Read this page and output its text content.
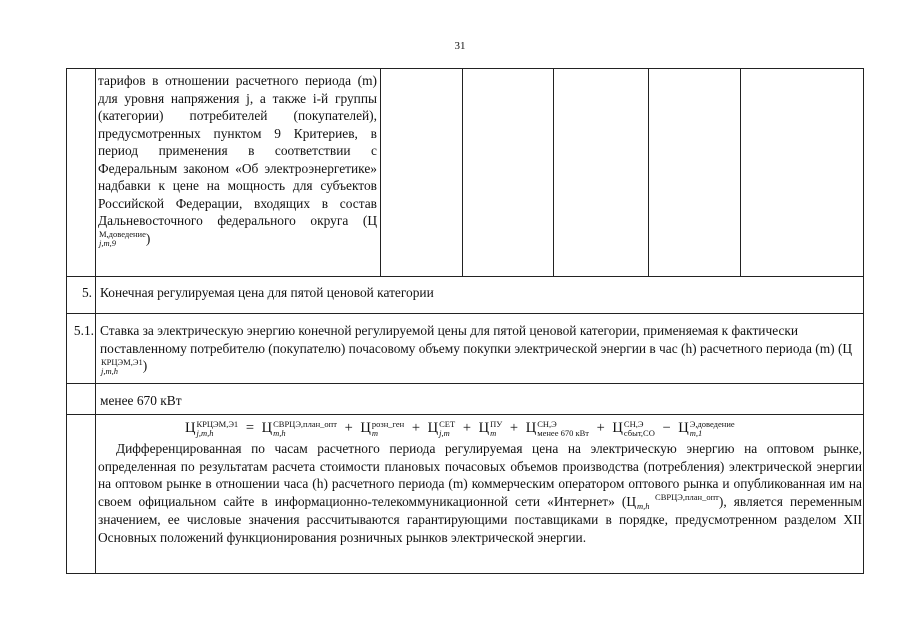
31
тарифов в отношении расчетного периода (m) для уровня напряжения j, а также i-й группы (категории) потребителей (покупателей), предусмотренных пунктом 9 Критериев, в период применения в соответствии с Федеральным законом «Об электроэнергетике» надбавки к цене на мощность для субъектов Российской Федерации, входящих в состав Дальневосточного федерального округа (ЦМ,доведение
j,m,9 )
5. Конечная регулируемая цена для пятой ценовой категории
5.1. Ставка за электрическую энергию конечной регулируемой цены для пятой ценовой категории, применяемая к фактически поставленному потребителю (покупателю) почасовому объему покупки электрической энергии в час (h) расчетного периода (m) (ЦКРЦЭМ,Э1
j,m,h )
менее 670 кВт
ЦКРЦЭМ,Э1
j,m,h = ЦСВРЦЭ,план_опт
m,h	+ Црозн_ген
m + ЦСЕТ
j,m + ЦПУ
m + ЦСН,Э
менее 670 кВт + ЦСН,Э
сбыт,СО − ЦЭ,доведение
m,1
Дифференцированная по часам расчетного периода регулируемая цена на электрическую энергию на оптовом рынке, определенная по результатам расчета стоимости плановых почасовых объемов производства (потребления) электрической энергии на оптовом рынке в отношении часа (h) расчетного периода (m) коммерческим оператором оптового рынка и опубликованная им на своем официальном сайте в информационно-телекоммуникационной сети «Интернет» (Ц СВРЦЭ,план_опт
m,h	), является переменным значением, ее числовые значения рассчитываются гарантирующими поставщиками в порядке, предусмотренном разделом XII Основных положений функционирования розничных рынков электрической энергии.
